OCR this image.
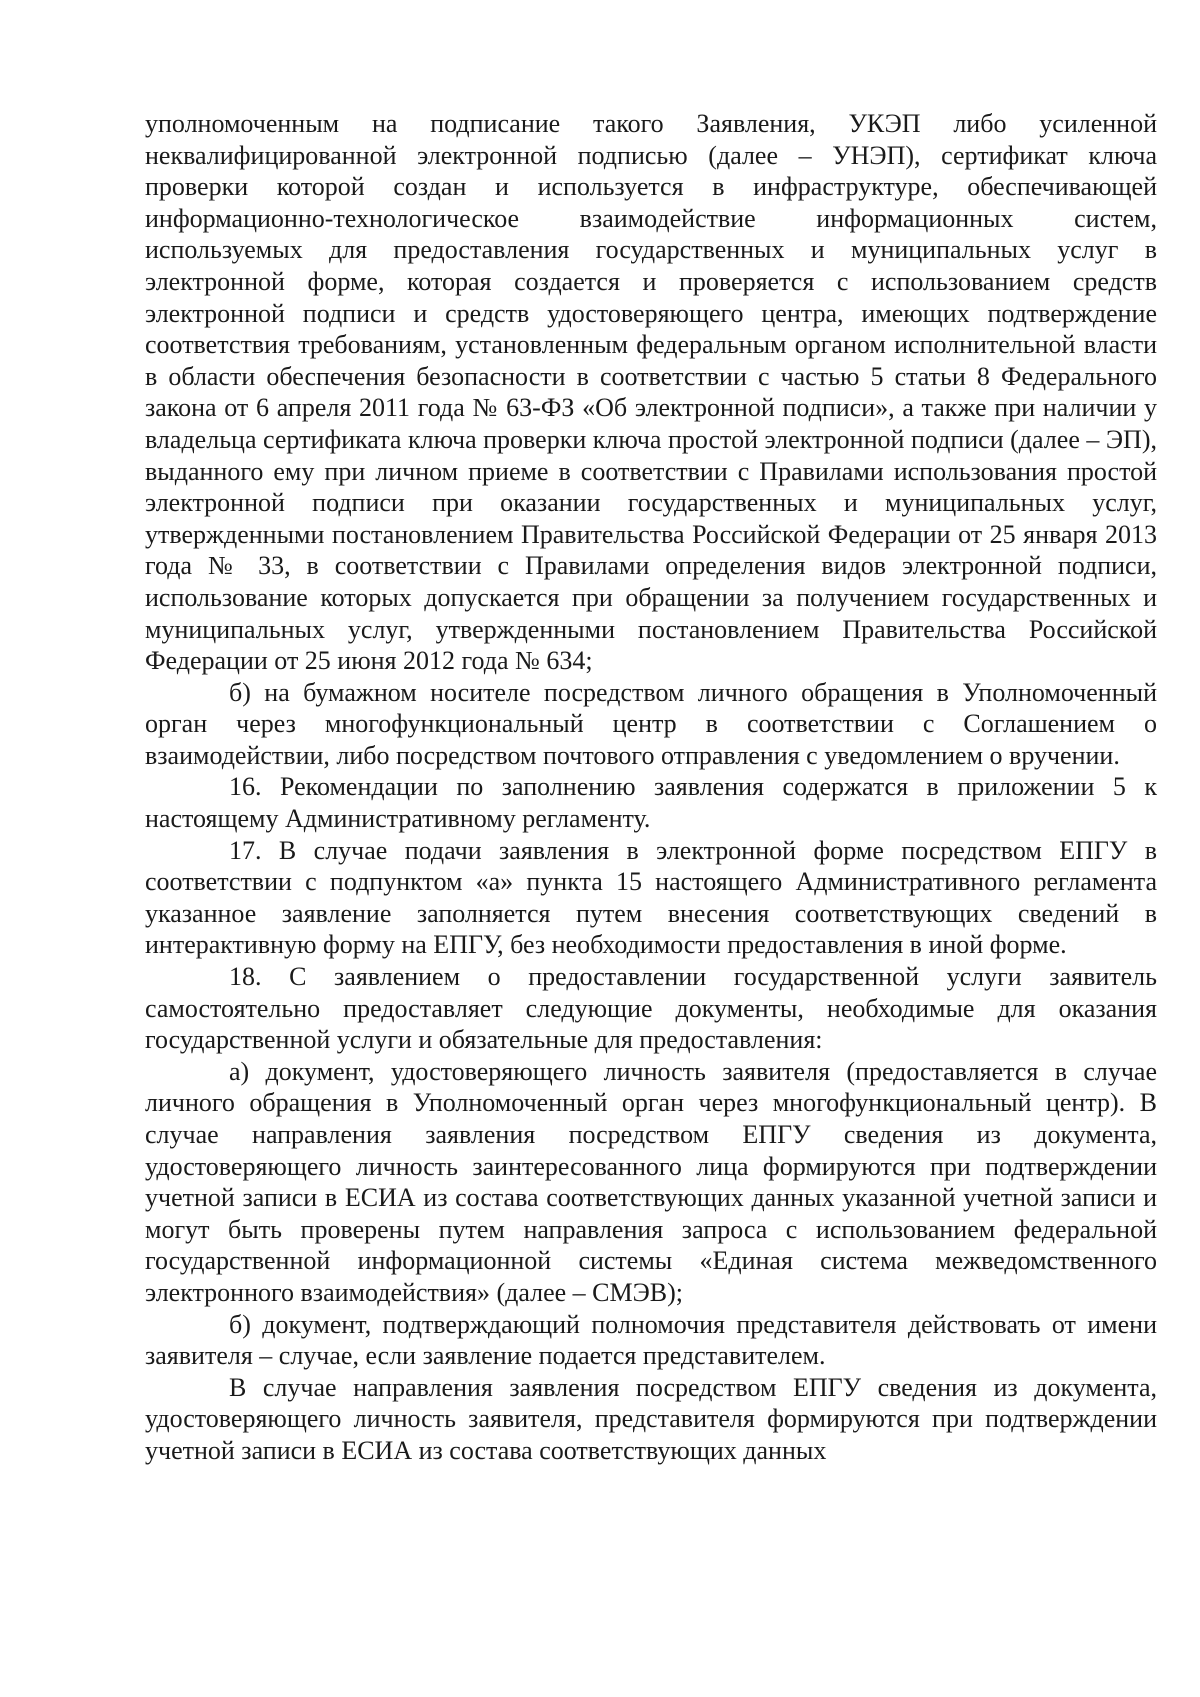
уполномоченным на подписание такого Заявления, УКЭП либо усиленной неквалифицированной электронной подписью (далее – УНЭП), сертификат ключа проверки которой создан и используется в инфраструктуре, обеспечивающей информационно-технологическое взаимодействие информационных систем, используемых для предоставления государственных и муниципальных услуг в электронной форме, которая создается и проверяется с использованием средств электронной подписи и средств удостоверяющего центра, имеющих подтверждение соответствия требованиям, установленным федеральным органом исполнительной власти в области обеспечения безопасности в соответствии с частью 5 статьи 8 Федерального закона от 6 апреля 2011 года № 63-ФЗ «Об электронной подписи», а также при наличии у владельца сертификата ключа проверки ключа простой электронной подписи (далее – ЭП), выданного ему при личном приеме в соответствии с Правилами использования простой электронной подписи при оказании государственных и муниципальных услуг, утвержденными постановлением Правительства Российской Федерации от 25 января 2013 года № 33, в соответствии с Правилами определения видов электронной подписи, использование которых допускается при обращении за получением государственных и муниципальных услуг, утвержденными постановлением Правительства Российской Федерации от 25 июня 2012 года № 634;

б) на бумажном носителе посредством личного обращения в Уполномоченный орган через многофункциональный центр в соответствии с Соглашением о взаимодействии, либо посредством почтового отправления с уведомлением о вручении.

16. Рекомендации по заполнению заявления содержатся в приложении 5 к настоящему Административному регламенту.

17. В случае подачи заявления в электронной форме посредством ЕПГУ в соответствии с подпунктом «а» пункта 15 настоящего Административного регламента указанное заявление заполняется путем внесения соответствующих сведений в интерактивную форму на ЕПГУ, без необходимости предоставления в иной форме.

18. С заявлением о предоставлении государственной услуги заявитель самостоятельно предоставляет следующие документы, необходимые для оказания государственной услуги и обязательные для предоставления:

а) документ, удостоверяющего личность заявителя (предоставляется в случае личного обращения в Уполномоченный орган через многофункциональный центр). В случае направления заявления посредством ЕПГУ сведения из документа, удостоверяющего личность заинтересованного лица формируются при подтверждении учетной записи в ЕСИА из состава соответствующих данных указанной учетной записи и могут быть проверены путем направления запроса с использованием федеральной государственной информационной системы «Единая система межведомственного электронного взаимодействия» (далее – СМЭВ);

б) документ, подтверждающий полномочия представителя действовать от имени заявителя – случае, если заявление подается представителем.

В случае направления заявления посредством ЕПГУ сведения из документа, удостоверяющего личность заявителя, представителя формируются при подтверждении учетной записи в ЕСИА из состава соответствующих данных
